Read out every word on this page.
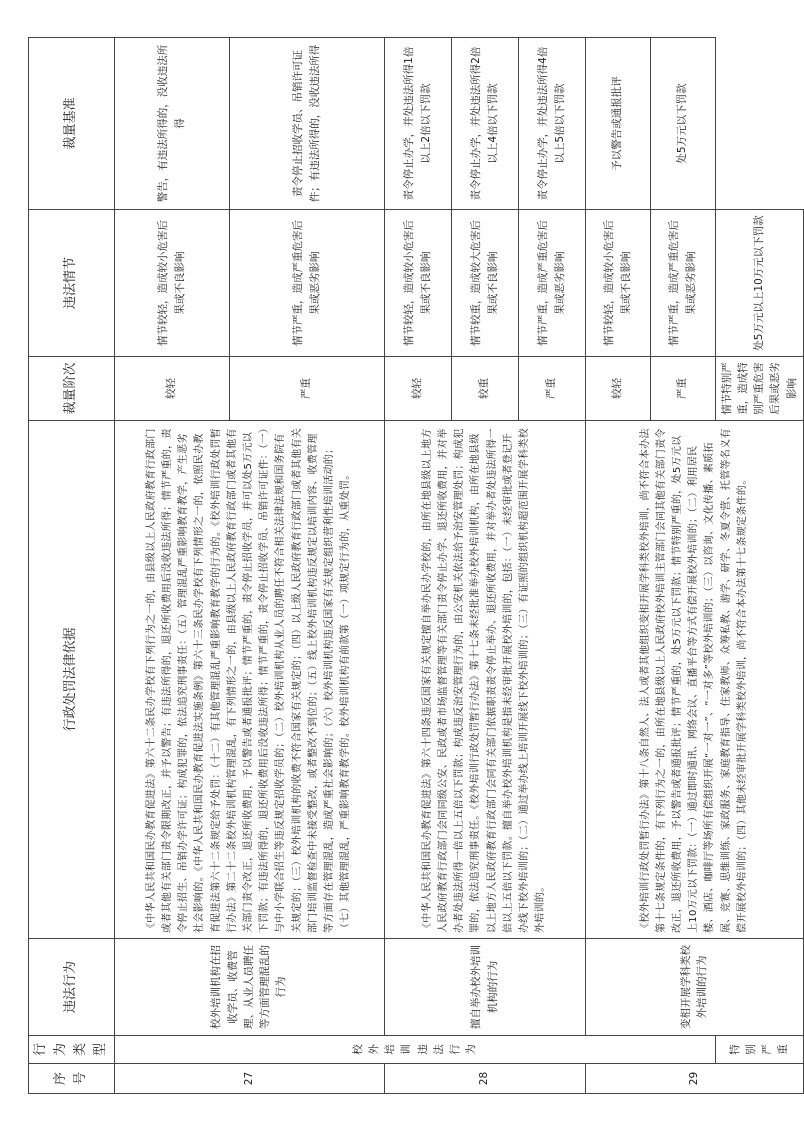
序号	行为类型	违法行为	行政处罚法律依据	裁量阶次	违法情节	裁量基准
27	校外培训违法行为	校外培训机构在招收学员、收费管理、从业人员聘任等方面管理混乱的行为	《中华人民共和国民办教育促进法》第六十二条民办学校有下列行为之一的，由县级以上人民政府教育行政部门或者其他有关部门责令限期改正，并予以警告；有违法所得的，退还所收费用后没收违法所得；情节严重的，责令停止招生、吊销办学许可证；构成犯罪的，依法追究刑事责任：（五）管理混乱严重影响教育教学，产生恶劣社会影响的。《中华人民共和国民办教育促进法实施条例》第六十三条民办学校有下列情形之一的，依照民办教育促进法第六十二条规定给予处罚：（十二）有其他管理混乱严重影响教育教学的行为的。《校外培训行政处罚暂行办法》第二十二条校外培训机构管理混乱，有下列情形之一的，由县级以上人民政府教育行政部门或者其他有关部门责令改正，退还所收费用，予以警告或者通报批评；情节严重的，责令停止招收学员，并可以处5万元以下罚款；有违法所得的，退还所收费用后没收违法所得；情节严重的，责令停止招收学员、吊销许可证件：（一）与中小学联合招生等违反规定招收学员的；（二）校外培训机构从业人员的聘任不符合相关法律法规和国务院有关规定的；（三）校外培训机构的收费不符合国家有关规定的；（四）以上级人民政府教育行政部门或者其他有关部门培训监督检查中未接受整改，或者整改不到位的；（五）线上校外培训机构违反规定以培训内容、收费管理等方面存在管理混乱，造成严重社会影响的；（六）校外培训机构违反国家有关规定组织营利性培训活动的；（七）其他管理混乱，严重影响教育教学的。校外培训机构有前款第（一）项规定行为的，从重处罚。	较轻	情节较轻，造成较小危害后果或不良影响	警告，有违法所得的，没收违法所得
				严重	情节严重，造成严重危害后果或恶劣影响	责令停止招收学员、吊销许可证件；有违法所得的，没收违法所得
28		擅自举办校外培训机构的行为	《中华人民共和国民办教育促进法》第六十四条违反国家有关规定擅自举办民办学校的，由所在地县级以上地方人民政府教育行政部门会同同级公安、民政或者市场监督管理等有关部门责令停止办学、退还所收费用，并对举办者处违法所得一倍以上五倍以下罚款；构成违反治安管理行为的，由公安机关依法给予治安管理处罚；构成犯罪的，依法追究刑事责任。《校外培训行政处罚暂行办法》第十七条未经批准举办校外培训机构，由所在地县级以上地方人民政府教育行政部门会同有关部门依据职责责令停止举办、退还所收费用，并对举办者处违法所得一倍以上五倍以下罚款。擅自举办校外培训机构是指未经审批开展校外培训的，包括：（一）未经审批或者登记开办线下校外培训的；（二）通过举办线上培训开展线下校外培训的；（三）有证照的组织机构超范围开展学科类校外培训的。	较轻	情节较轻，造成较小危害后果或不良影响	责令停止办学，并处违法所得1倍以上2倍以下罚款
				较重	情节较重，造成较大危害后果或不良影响	责令停止办学，并处违法所得2倍以上4倍以下罚款
				严重	情节严重，造成严重危害后果或恶劣影响	责令停止办学，并处违法所得4倍以上5倍以下罚款
29		变相开展学科类校外培训的行为	《校外培训行政处罚暂行办法》第十八条自然人、法人或者其他组织变相开展学科类校外培训，尚不符合本办法第十七条规定条件的，有下列行为之一的，由所在地县级以上人民政府校外培训主管部门会同其他有关部门责令改正，退还所收费用，予以警告或者通报批评；情节严重的，处5万元以下罚款；情节特别严重的，处5万元以上10万元以下罚款：（一）通过即时通讯、网络会议、直播平台等方式有偿开展校外培训的；（二）利用居民楼、酒店、咖啡厅等场所有偿组织开展“一对一”、“一对多”等校外培训的；（三）以咨询、文化传播、素质拓展、竞赛、思维训练、家政服务、家庭教育指导、住家教师、众筹私教、游学、研学、冬夏令营、托管等名义有偿开展校外培训的；（四）其他未经审批开展学科类校外培训，尚不符合本办法第十七条规定条件的。	较轻	情节较轻，造成较小危害后果或不良影响	予以警告或通报批评
				严重	情节严重，造成严重危害后果或恶劣影响	处5万元以下罚款
	特别严重			情节特别严重，造成特别严重危害后果或恶劣影响	处5万元以上10万元以下罚款	
